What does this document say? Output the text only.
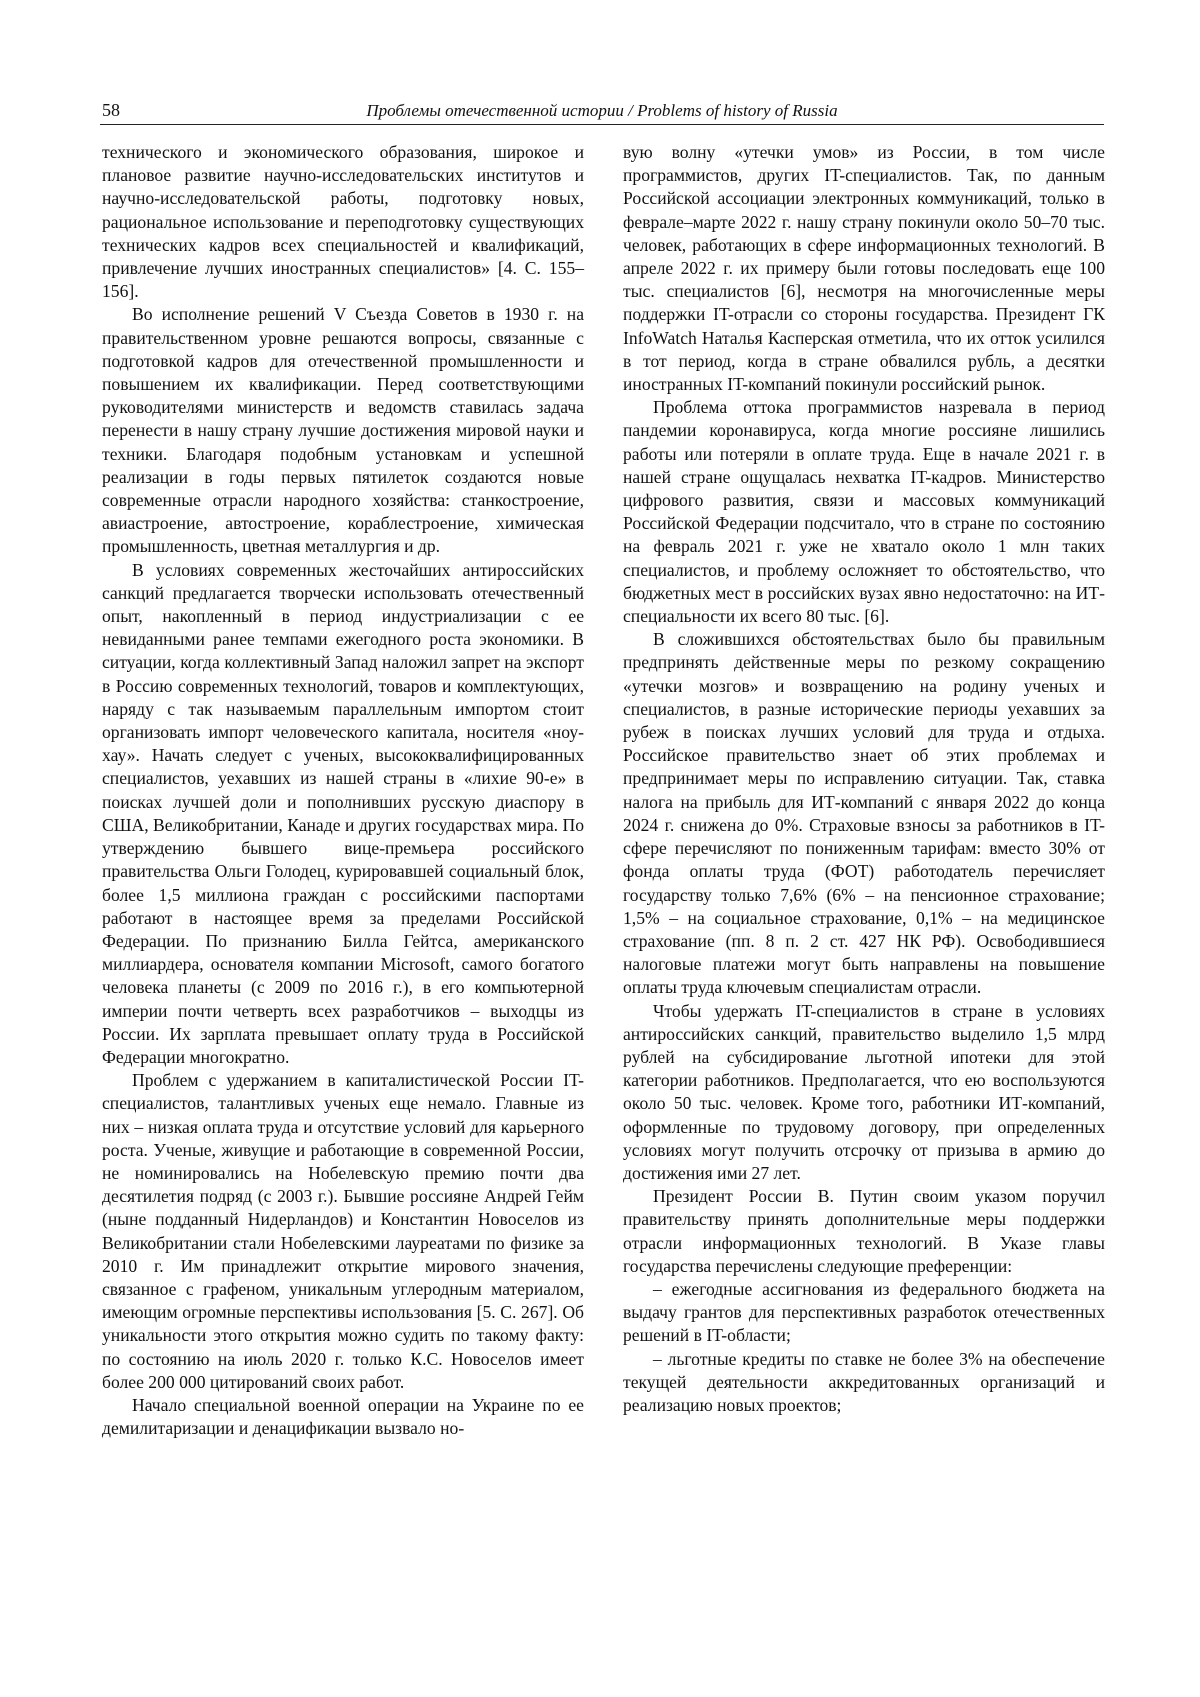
58	Проблемы отечественной истории / Problems of history of Russia

технического и экономического образования, широкое и плановое развитие научно-исследовательских институтов и научно-исследовательской работы, подготовку новых, рациональное использование и переподготовку существующих технических кадров всех специальностей и квалификаций, привлечение лучших иностранных специалистов» [4. С. 155–156].

Во исполнение решений V Съезда Советов в 1930 г. на правительственном уровне решаются вопросы, связанные с подготовкой кадров для отечественной промышленности и повышением их квалификации. Перед соответствующими руководителями министерств и ведомств ставилась задача перенести в нашу страну лучшие достижения мировой науки и техники. Благодаря подобным установкам и успешной реализации в годы первых пятилеток создаются новые современные отрасли народного хозяйства: станкостроение, авиастроение, автостроение, кораблестроение, химическая промышленность, цветная металлургия и др.

В условиях современных жесточайших антироссийских санкций предлагается творчески использовать отечественный опыт, накопленный в период индустриализации с ее невиданными ранее темпами ежегодного роста экономики. В ситуации, когда коллективный Запад наложил запрет на экспорт в Россию современных технологий, товаров и комплектующих, наряду с так называемым параллельным импортом стоит организовать импорт человеческого капитала, носителя «ноу-хау». Начать следует с ученых, высококвалифицированных специалистов, уехавших из нашей страны в «лихие 90-е» в поисках лучшей доли и пополнивших русскую диаспору в США, Великобритании, Канаде и других государствах мира. По утверждению бывшего вице-премьера российского правительства Ольги Голодец, курировавшей социальный блок, более 1,5 миллиона граждан с российскими паспортами работают в настоящее время за пределами Российской Федерации. По признанию Билла Гейтса, американского миллиардера, основателя компании Microsoft, самого богатого человека планеты (с 2009 по 2016 г.), в его компьютерной империи почти четверть всех разработчиков – выходцы из России. Их зарплата превышает оплату труда в Российской Федерации многократно.

Проблем с удержанием в капиталистической России IT-специалистов, талантливых ученых еще немало. Главные из них – низкая оплата труда и отсутствие условий для карьерного роста. Ученые, живущие и работающие в современной России, не номинировались на Нобелевскую премию почти два десятилетия подряд (с 2003 г.). Бывшие россияне Андрей Гейм (ныне подданный Нидерландов) и Константин Новоселов из Великобритании стали Нобелевскими лауреатами по физике за 2010 г. Им принадлежит открытие мирового значения, связанное с графеном, уникальным углеродным материалом, имеющим огромные перспективы использования [5. С. 267]. Об уникальности этого открытия можно судить по такому факту: по состоянию на июль 2020 г. только К.С. Новоселов имеет более 200 000 цитирований своих работ.

Начало специальной военной операции на Украине по ее демилитаризации и денацификации вызвало но-

вую волну «утечки умов» из России, в том числе программистов, других IT-специалистов. Так, по данным Российской ассоциации электронных коммуникаций, только в феврале–марте 2022 г. нашу страну покинули около 50–70 тыс. человек, работающих в сфере информационных технологий. В апреле 2022 г. их примеру были готовы последовать еще 100 тыс. специалистов [6], несмотря на многочисленные меры поддержки IT-отрасли со стороны государства. Президент ГК InfoWatch Наталья Касперская отметила, что их отток усилился в тот период, когда в стране обвалился рубль, а десятки иностранных IT-компаний покинули российский рынок.

Проблема оттока программистов назревала в период пандемии коронавируса, когда многие россияне лишились работы или потеряли в оплате труда. Еще в начале 2021 г. в нашей стране ощущалась нехватка IT-кадров. Министерство цифрового развития, связи и массовых коммуникаций Российской Федерации подсчитало, что в стране по состоянию на февраль 2021 г. уже не хватало около 1 млн таких специалистов, и проблему осложняет то обстоятельство, что бюджетных мест в российских вузах явно недостаточно: на ИТ-специальности их всего 80 тыс. [6].

В сложившихся обстоятельствах было бы правильным предпринять действенные меры по резкому сокращению «утечки мозгов» и возвращению на родину ученых и специалистов, в разные исторические периоды уехавших за рубеж в поисках лучших условий для труда и отдыха. Российское правительство знает об этих проблемах и предпринимает меры по исправлению ситуации. Так, ставка налога на прибыль для ИТ-компаний с января 2022 до конца 2024 г. снижена до 0%. Страховые взносы за работников в IT-сфере перечисляют по пониженным тарифам: вместо 30% от фонда оплаты труда (ФОТ) работодатель перечисляет государству только 7,6% (6% – на пенсионное страхование; 1,5% – на социальное страхование, 0,1% – на медицинское страхование (пп. 8 п. 2 ст. 427 НК РФ). Освободившиеся налоговые платежи могут быть направлены на повышение оплаты труда ключевым специалистам отрасли.

Чтобы удержать IT-специалистов в стране в условиях антироссийских санкций, правительство выделило 1,5 млрд рублей на субсидирование льготной ипотеки для этой категории работников. Предполагается, что ею воспользуются около 50 тыс. человек. Кроме того, работники ИТ-компаний, оформленные по трудовому договору, при определенных условиях могут получить отсрочку от призыва в армию до достижения ими 27 лет.

Президент России В. Путин своим указом поручил правительству принять дополнительные меры поддержки отрасли информационных технологий. В Указе главы государства перечислены следующие преференции:

– ежегодные ассигнования из федерального бюджета на выдачу грантов для перспективных разработок отечественных решений в IT-области;

– льготные кредиты по ставке не более 3% на обеспечение текущей деятельности аккредитованных организаций и реализацию новых проектов;
